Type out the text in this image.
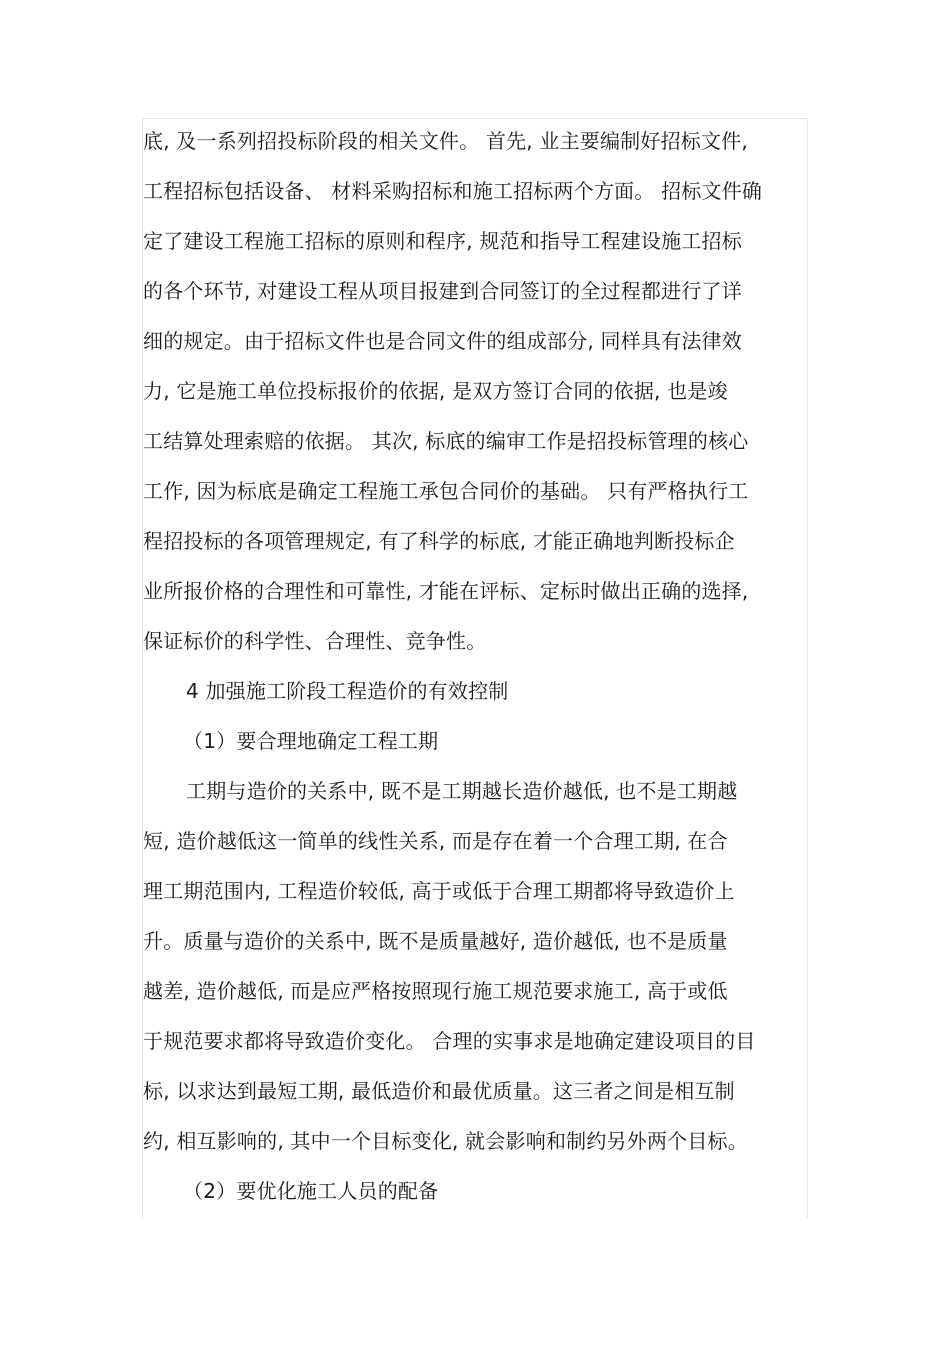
底, 及一系列招投标阶段的相关文件。 首先, 业主要编制好招标文件,
工程招标包括设备、 材料采购招标和施工招标两个方面。 招标文件确
定了建设工程施工招标的原则和程序, 规范和指导工程建设施工招标
的各个环节, 对建设工程从项目报建到合同签订的全过程都进行了详
细的规定。由于招标文件也是合同文件的组成部分, 同样具有法律效
力, 它是施工单位投标报价的依据, 是双方签订合同的依据, 也是竣
工结算处理索赔的依据。 其次, 标底的编审工作是招投标管理的核心
工作, 因为标底是确定工程施工承包合同价的基础。 只有严格执行工
程招投标的各项管理规定, 有了科学的标底, 才能正确地判断投标企
业所报价格的合理性和可靠性, 才能在评标、定标时做出正确的选择,
保证标价的科学性、合理性、竞争性。
4 加强施工阶段工程造价的有效控制
（1）要合理地确定工程工期
工期与造价的关系中, 既不是工期越长造价越低, 也不是工期越
短, 造价越低这一简单的线性关系, 而是存在着一个合理工期, 在合
理工期范围内, 工程造价较低, 高于或低于合理工期都将导致造价上
升。质量与造价的关系中, 既不是质量越好, 造价越低, 也不是质量
越差, 造价越低, 而是应严格按照现行施工规范要求施工, 高于或低
于规范要求都将导致造价变化。 合理的实事求是地确定建设项目的目
标, 以求达到最短工期, 最低造价和最优质量。这三者之间是相互制
约, 相互影响的, 其中一个目标变化, 就会影响和制约另外两个目标。
（2）要优化施工人员的配备
